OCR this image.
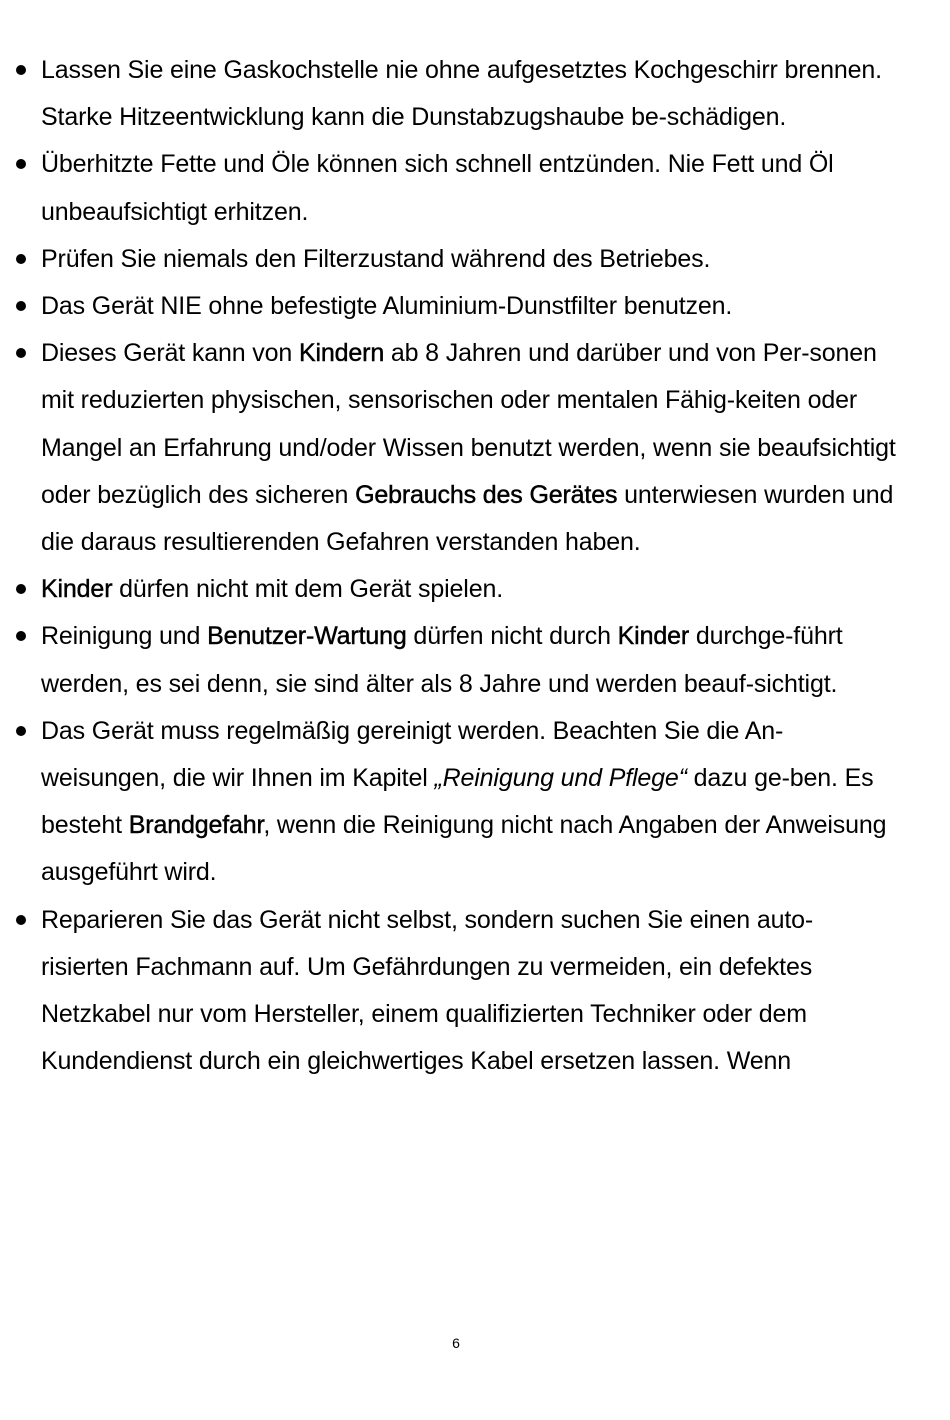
Lassen Sie eine Gaskochstelle nie ohne aufgesetztes Kochgeschirr brennen. Starke Hitzeentwicklung kann die Dunstabzugshaube be-schädigen.
Überhitzte Fette und Öle können sich schnell entzünden. Nie Fett und Öl unbeaufsichtigt erhitzen.
Prüfen Sie niemals den Filterzustand während des Betriebes.
Das Gerät NIE ohne befestigte Aluminium-Dunstfilter benutzen.
Dieses Gerät kann von Kindern ab 8 Jahren und darüber und von Per-sonen mit reduzierten physischen, sensorischen oder mentalen Fähig-keiten oder Mangel an Erfahrung und/oder Wissen benutzt werden, wenn sie beaufsichtigt oder bezüglich des sicheren Gebrauchs des Gerätes unterwiesen wurden und die daraus resultierenden Gefahren verstanden haben.
Kinder dürfen nicht mit dem Gerät spielen.
Reinigung und Benutzer-Wartung dürfen nicht durch Kinder durchge-führt werden, es sei denn, sie sind älter als 8 Jahre und werden beauf-sichtigt.
Das Gerät muss regelmäßig gereinigt werden. Beachten Sie die An-weisungen, die wir Ihnen im Kapitel „Reinigung und Pflege“ dazu ge-ben. Es besteht Brandgefahr, wenn die Reinigung nicht nach Angaben der Anweisung ausgeführt wird.
Reparieren Sie das Gerät nicht selbst, sondern suchen Sie einen auto-risierten Fachmann auf. Um Gefährdungen zu vermeiden, ein defektes Netzkabel nur vom Hersteller, einem qualifizierten Techniker oder dem Kundendienst durch ein gleichwertiges Kabel ersetzen lassen. Wenn
6
